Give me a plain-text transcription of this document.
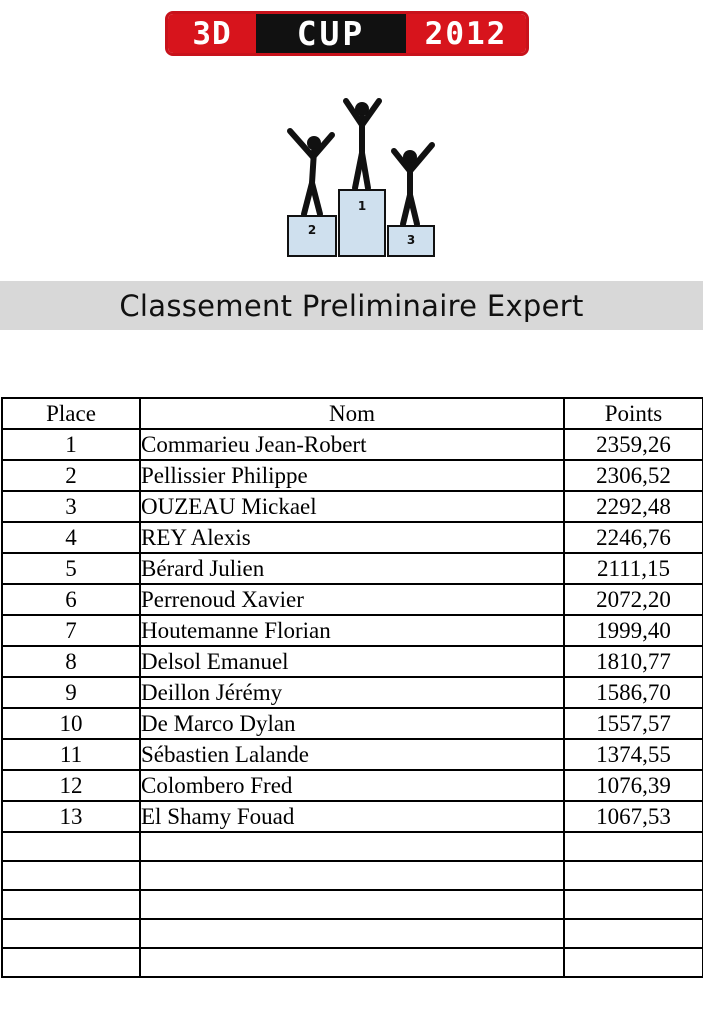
3D	CUP	2012
1
2
3
Classement Preliminaire Expert
Place	Nom	Points
1	Commarieu Jean-Robert	2359,26
2	Pellissier Philippe	2306,52
3	OUZEAU Mickael	2292,48
4	REY Alexis	2246,76
5	Bérard Julien	2111,15
6	Perrenoud Xavier	2072,20
7	Houtemanne Florian	1999,40
8	Delsol Emanuel	1810,77
9	Deillon Jérémy	1586,70
10	De Marco Dylan	1557,57
11	Sébastien Lalande	1374,55
12	Colombero Fred	1076,39
13	El Shamy Fouad	1067,53
